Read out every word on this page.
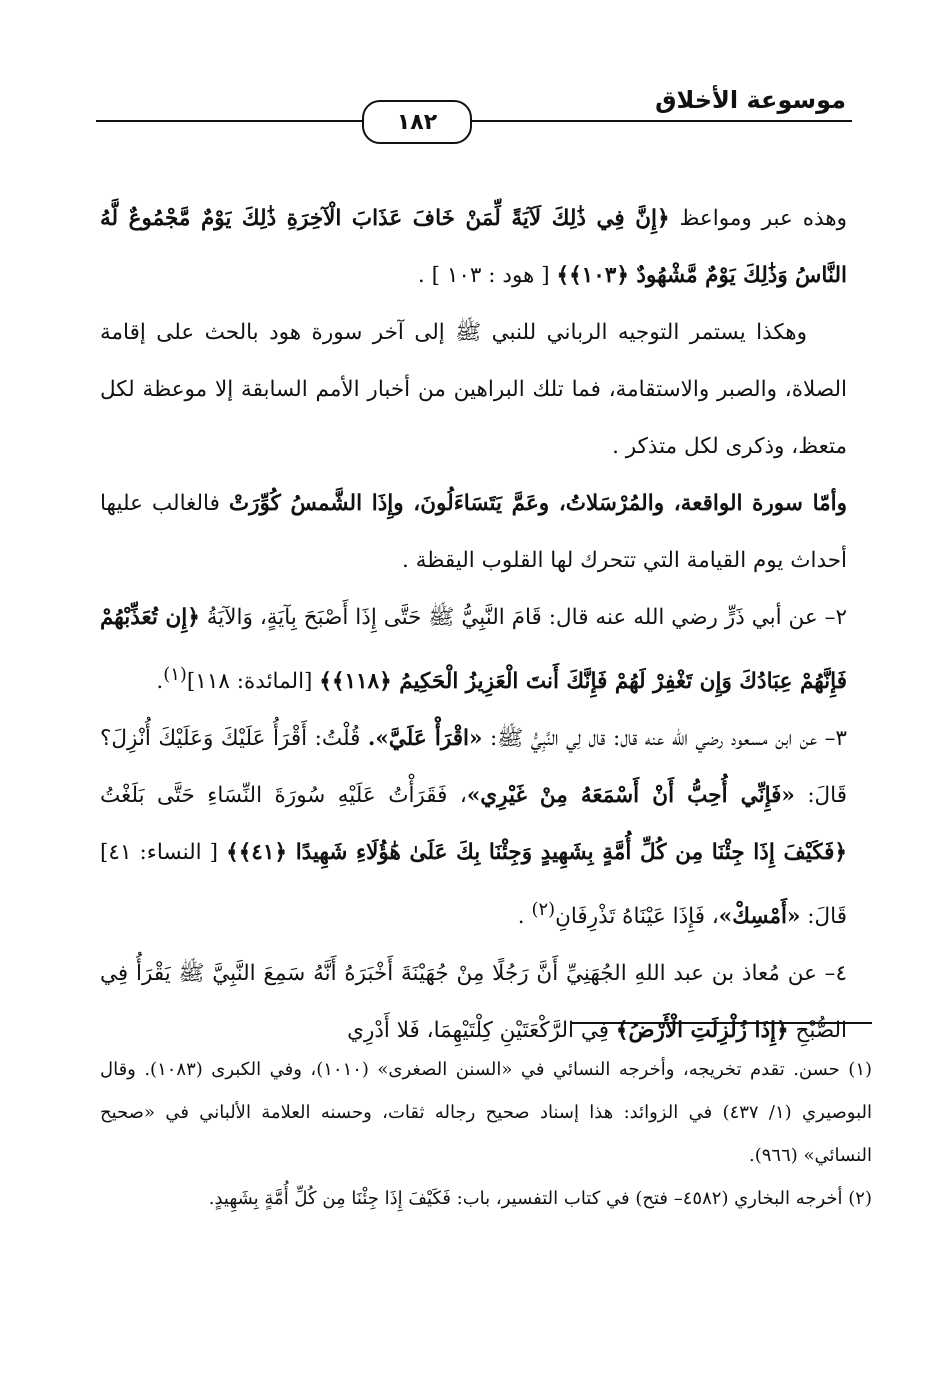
موسوعة الأخلاق
١٨٢

وهذه عبر ومواعظ ﴿إِنَّ فِي ذَٰلِكَ لَآيَةً لِّمَنْ خَافَ عَذَابَ الْآخِرَةِ ذَٰلِكَ يَوْمٌ مَّجْمُوعٌ لَّهُ النَّاسُ وَذَٰلِكَ يَوْمٌ مَّشْهُودٌ ﴿١٠٣﴾﴾ [ هود : ١٠٣ ] .

وهكذا يستمر التوجيه الرباني للنبي ﷺ إلى آخر سورة هود بالحث على إقامة الصلاة، والصبر والاستقامة، فما تلك البراهين من أخبار الأمم السابقة إلا موعظة لكل متعظ، وذكرى لكل متذكر .

وأمّا سورة الواقعة، والمُرْسَلاتُ، وعَمَّ يَتَسَاءَلُونَ، وإِذَا الشَّمسُ كُوِّرَتْ فالغالب عليها أحداث يوم القيامة التي تتحرك لها القلوب اليقظة .

٢– عن أبي ذَرٍّ رضي الله عنه قال: قَامَ النَّبِيُّ ﷺ حَتَّى إِذَا أَصْبَحَ بِآيَةٍ، وَالآيَةُ ﴿إِن تُعَذِّبْهُمْ فَإِنَّهُمْ عِبَادُكَ وَإِن تَغْفِرْ لَهُمْ فَإِنَّكَ أَنتَ الْعَزِيزُ الْحَكِيمُ ﴿١١٨﴾﴾ [المائدة: ١١٨]$^{(١)}$.

٣– عن ابن مسعود رضي الله عنه قال: قال لِي النَّبِيُّ ﷺ: «اقْرَأْ عَلَيَّ». قُلْتُ: أَقْرَأُ عَلَيْكَ وَعَلَيْكَ أُنْزِلَ؟ قَالَ: «فَإِنِّي أُحِبُّ أَنْ أَسْمَعَهُ مِنْ غَيْرِي»، فَقَرَأْتُ عَلَيْهِ سُورَةَ النِّسَاءِ حَتَّى بَلَغْتُ ﴿فَكَيْفَ إِذَا جِئْنَا مِن كُلِّ أُمَّةٍ بِشَهِيدٍ وَجِئْنَا بِكَ عَلَىٰ هَٰؤُلَاءِ شَهِيدًا ﴿٤١﴾﴾ [ النساء: ٤١] قَالَ: «أَمْسِكْ»، فَإِذَا عَيْنَاهُ تَذْرِفَانِ$^{(٢)}$ .

٤– عن مُعاذ بن عبد اللهِ الجُهَنِيِّ أَنَّ رَجُلًا مِنْ جُهَيْنَةَ أَخْبَرَهُ أَنَّهُ سَمِعَ النَّبِيَّ ﷺ يَقْرَأُ فِي الصُّبْحِ ﴿إِذَا زُلْزِلَتِ الْأَرْضُ﴾ فِي الرَّكْعَتَيْنِ كِلْتَيْهِمَا، فَلا أَدْرِي

(١) حسن. تقدم تخريجه، وأخرجه النسائي في «السنن الصغرى» (١٠١٠)، وفي الكبرى (١٠٨٣). وقال البوصيري (١/ ٤٣٧) في الزوائد: هذا إسناد صحيح رجاله ثقات، وحسنه العلامة الألباني في «صحيح النسائي» (٩٦٦).

(٢) أخرجه البخاري (٤٥٨٢– فتح) في كتاب التفسير، باب: فَكَيْفَ إِذَا جِئْنَا مِن كُلِّ أُمَّةٍ بِشَهِيدٍ.
